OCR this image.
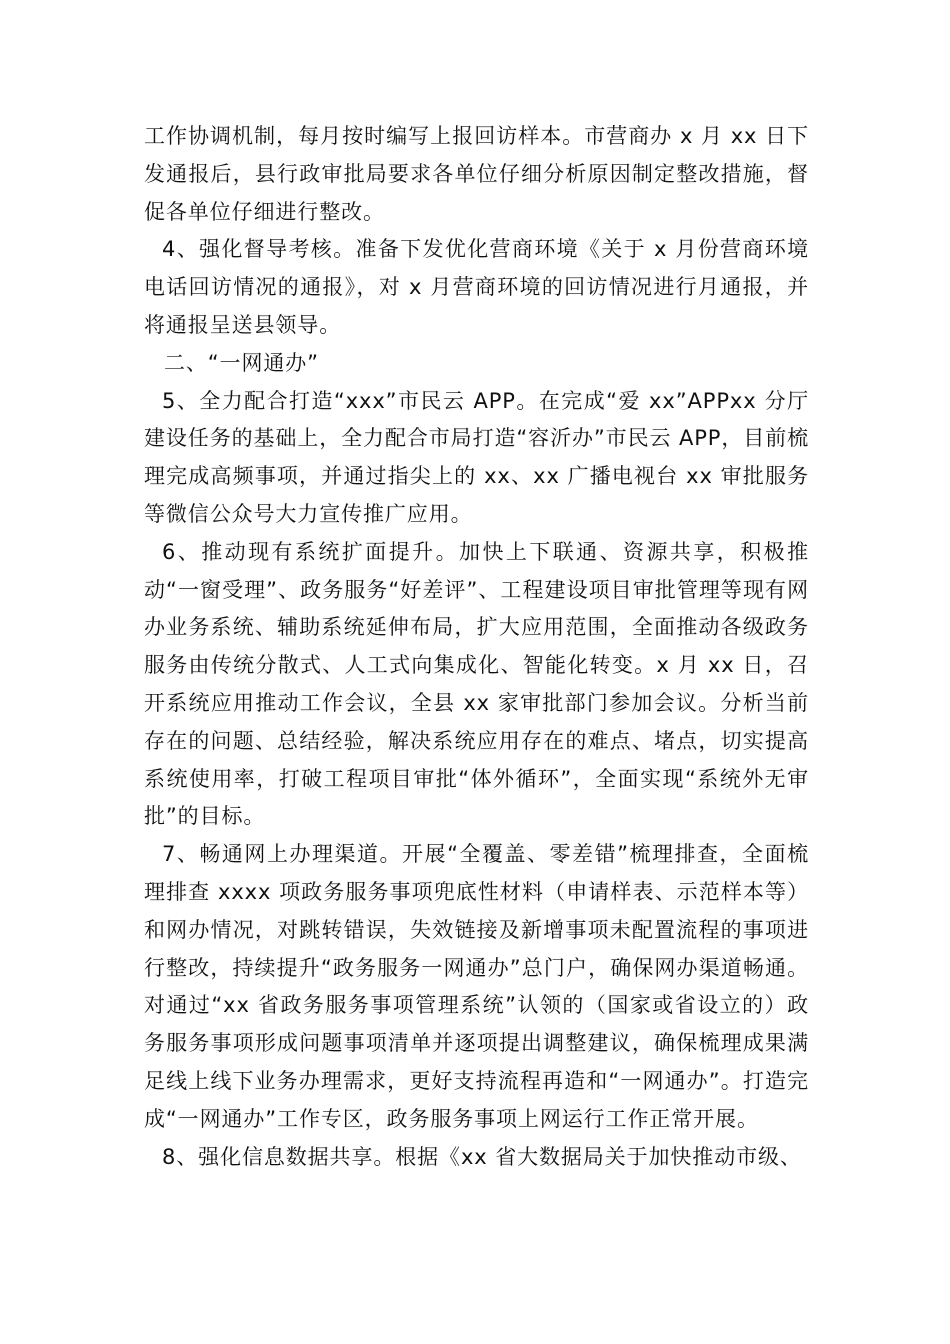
工作协调机制，每月按时编写上报回访样本。市营商办 x 月 xx 日下发通报后，县行政审批局要求各单位仔细分析原因制定整改措施，督促各单位仔细进行整改。

4、强化督导考核。准备下发优化营商环境《关于 x 月份营商环境电话回访情况的通报》，对 x 月营商环境的回访情况进行月通报，并将通报呈送县领导。

二、“一网通办”

5、全力配合打造“xxx”市民云 APP。在完成“爱 xx”APPxx 分厅建设任务的基础上，全力配合市局打造“容沂办”市民云 APP，目前梳理完成高频事项，并通过指尖上的 xx、xx 广播电视台 xx 审批服务等微信公众号大力宣传推广应用。

6、推动现有系统扩面提升。加快上下联通、资源共享，积极推动“一窗受理”、政务服务“好差评”、工程建设项目审批管理等现有网办业务系统、辅助系统延伸布局，扩大应用范围，全面推动各级政务服务由传统分散式、人工式向集成化、智能化转变。x 月 xx 日，召开系统应用推动工作会议，全县 xx 家审批部门参加会议。分析当前存在的问题、总结经验，解决系统应用存在的难点、堵点，切实提高系统使用率，打破工程项目审批“体外循环”，全面实现“系统外无审批”的目标。

7、畅通网上办理渠道。开展“全覆盖、零差错”梳理排查，全面梳理排查 xxxx 项政务服务事项兜底性材料（申请样表、示范样本等）和网办情况，对跳转错误，失效链接及新增事项未配置流程的事项进行整改，持续提升“政务服务一网通办”总门户，确保网办渠道畅通。对通过“xx 省政务服务事项管理系统”认领的（国家或省设立的）政务服务事项形成问题事项清单并逐项提出调整建议，确保梳理成果满足线上线下业务办理需求，更好支持流程再造和“一网通办”。打造完成“一网通办”工作专区，政务服务事项上网运行工作正常开展。

8、强化信息数据共享。根据《xx 省大数据局关于加快推动市级、
